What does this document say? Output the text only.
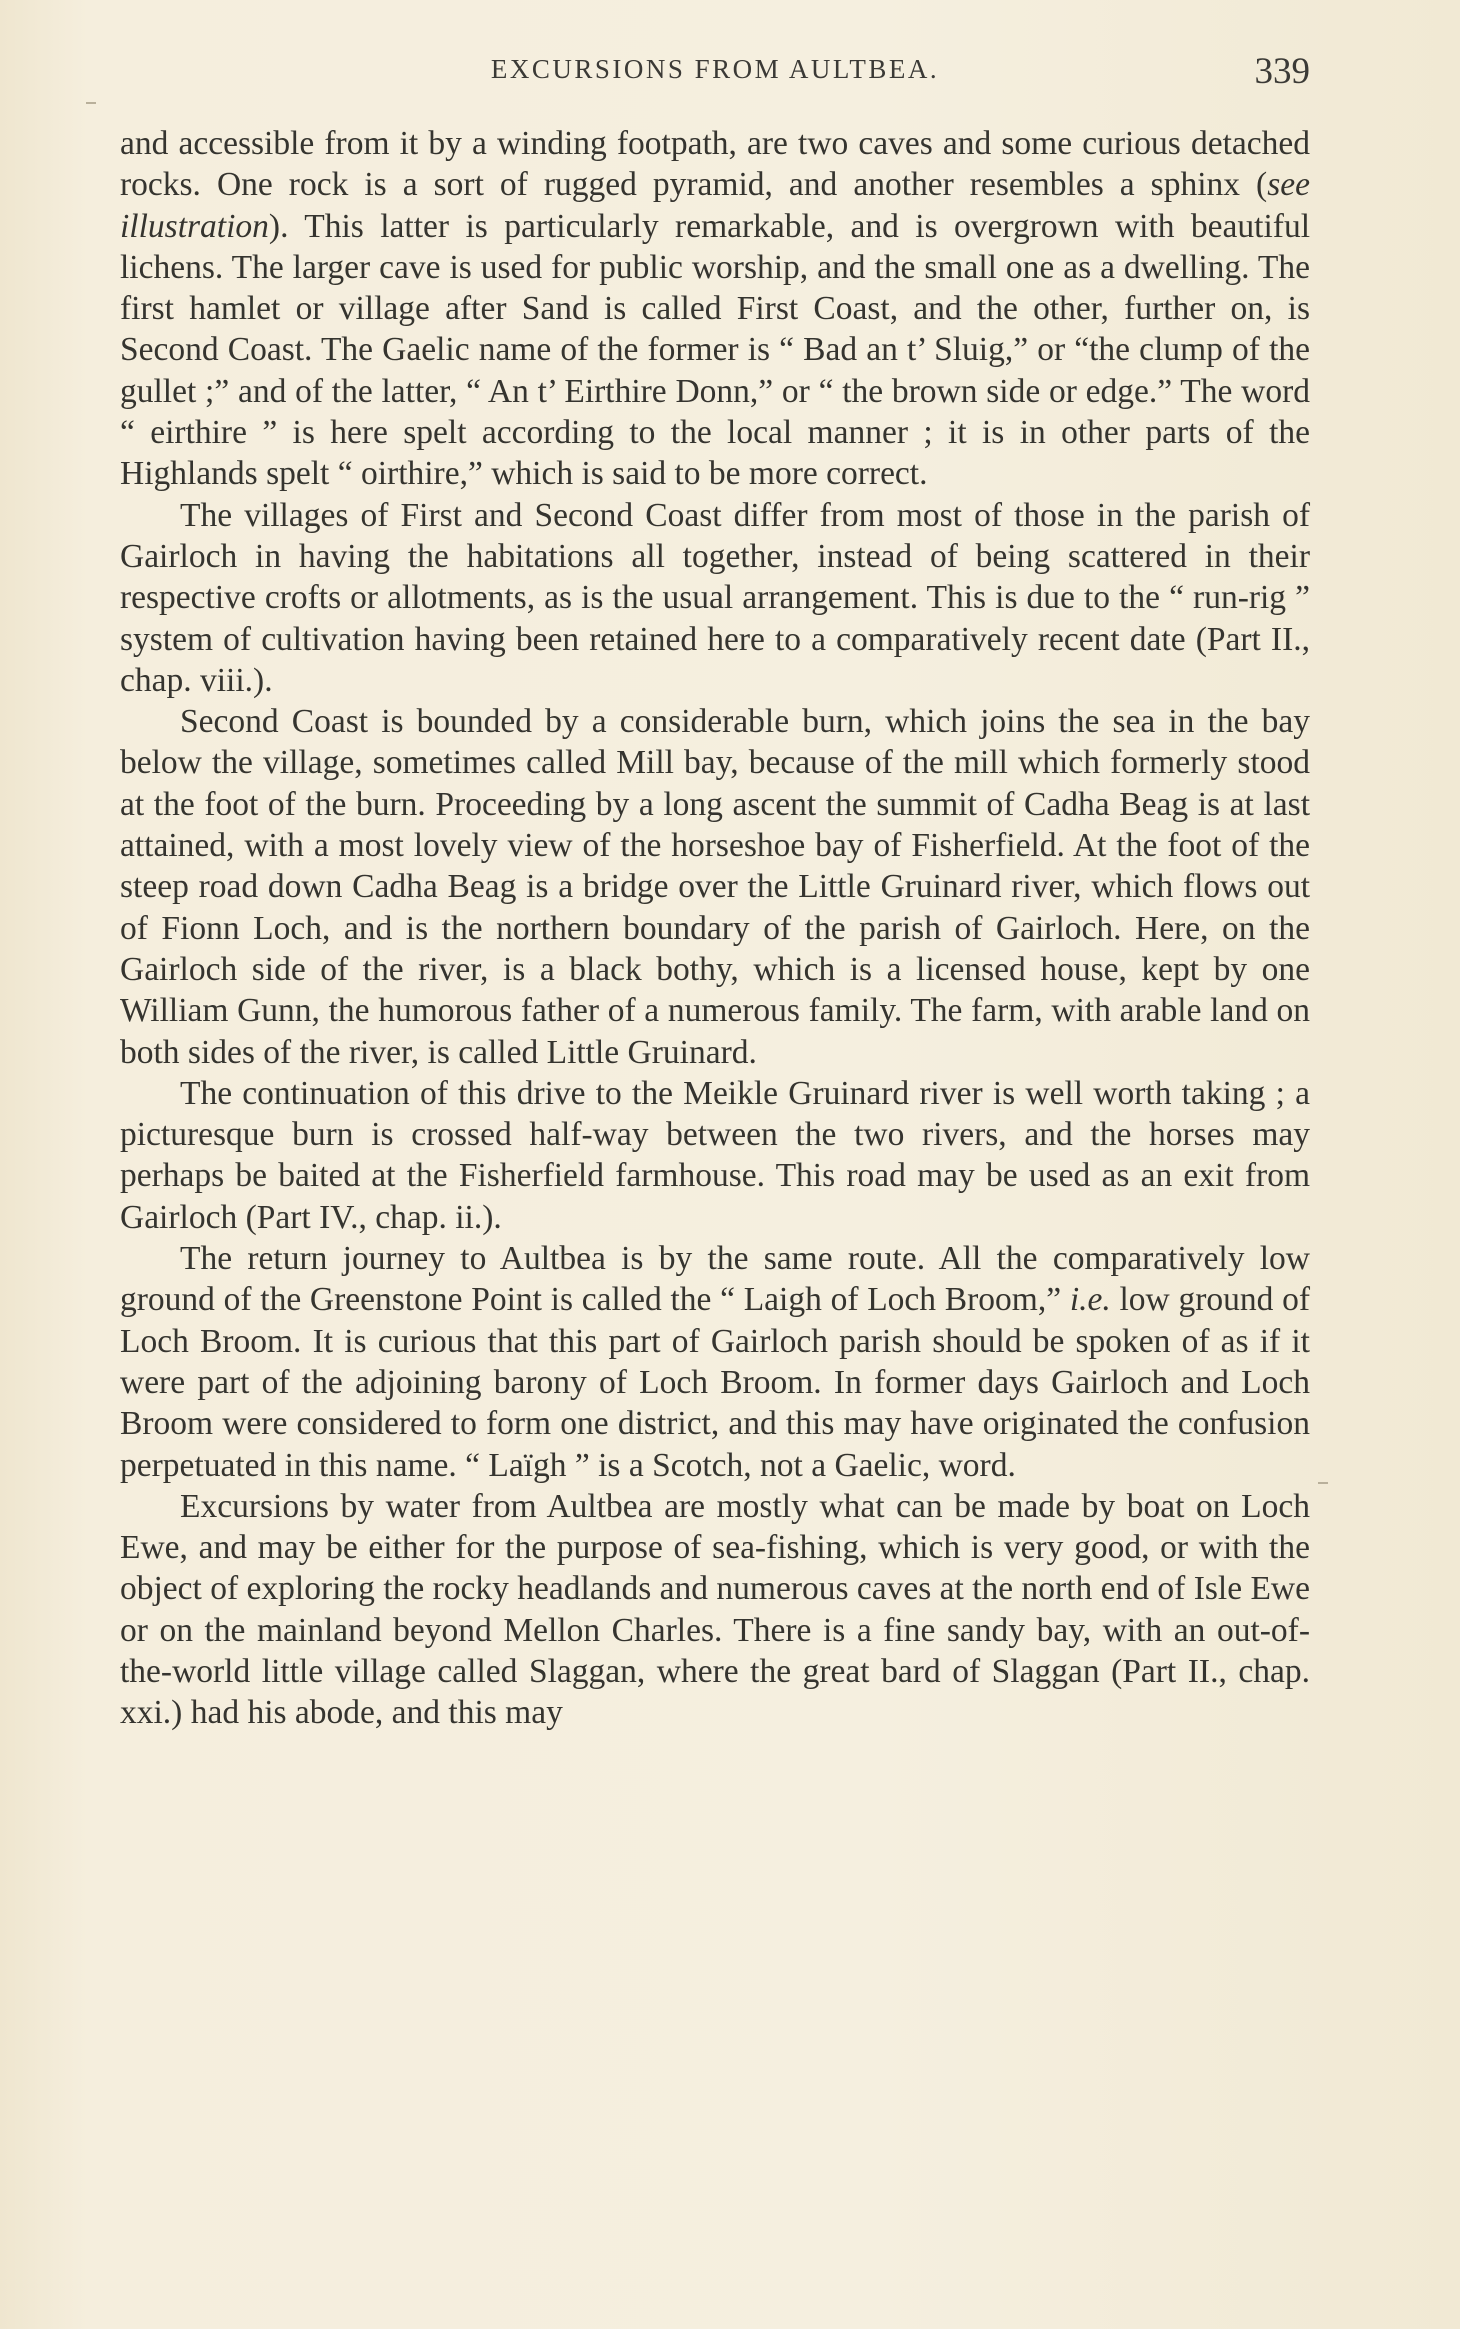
EXCURSIONS FROM AULTBEA.	339

and accessible from it by a winding footpath, are two caves and some curious detached rocks. One rock is a sort of rugged pyramid, and another resembles a sphinx (see illustration). This latter is particularly remarkable, and is overgrown with beautiful lichens. The larger cave is used for public worship, and the small one as a dwelling. The first hamlet or village after Sand is called First Coast, and the other, further on, is Second Coast. The Gaelic name of the former is “ Bad an t’ Sluig,” or “the clump of the gullet ;” and of the latter, “ An t’ Eirthire Donn,” or “ the brown side or edge.” The word “ eirthire ” is here spelt according to the local manner ; it is in other parts of the Highlands spelt “ oirthire,” which is said to be more correct.

The villages of First and Second Coast differ from most of those in the parish of Gairloch in having the habitations all together, instead of being scattered in their respective crofts or allotments, as is the usual arrangement. This is due to the “ run-rig ” system of cultivation having been retained here to a comparatively recent date (Part II., chap. viii.).

Second Coast is bounded by a considerable burn, which joins the sea in the bay below the village, sometimes called Mill bay, because of the mill which formerly stood at the foot of the burn. Proceeding by a long ascent the summit of Cadha Beag is at last attained, with a most lovely view of the horseshoe bay of Fisherfield. At the foot of the steep road down Cadha Beag is a bridge over the Little Gruinard river, which flows out of Fionn Loch, and is the northern boundary of the parish of Gairloch. Here, on the Gairloch side of the river, is a black bothy, which is a licensed house, kept by one William Gunn, the humorous father of a numerous family. The farm, with arable land on both sides of the river, is called Little Gruinard.

The continuation of this drive to the Meikle Gruinard river is well worth taking ; a picturesque burn is crossed half-way between the two rivers, and the horses may perhaps be baited at the Fisherfield farmhouse. This road may be used as an exit from Gairloch (Part IV., chap. ii.).

The return journey to Aultbea is by the same route. All the comparatively low ground of the Greenstone Point is called the “ Laigh of Loch Broom,” i.e. low ground of Loch Broom. It is curious that this part of Gairloch parish should be spoken of as if it were part of the adjoining barony of Loch Broom. In former days Gairloch and Loch Broom were considered to form one district, and this may have originated the confusion perpetuated in this name. “ Laïgh ” is a Scotch, not a Gaelic, word.

Excursions by water from Aultbea are mostly what can be made by boat on Loch Ewe, and may be either for the purpose of sea-fishing, which is very good, or with the object of exploring the rocky headlands and numerous caves at the north end of Isle Ewe or on the mainland beyond Mellon Charles. There is a fine sandy bay, with an out-of-the-world little village called Slaggan, where the great bard of Slaggan (Part II., chap. xxi.) had his abode, and this may
